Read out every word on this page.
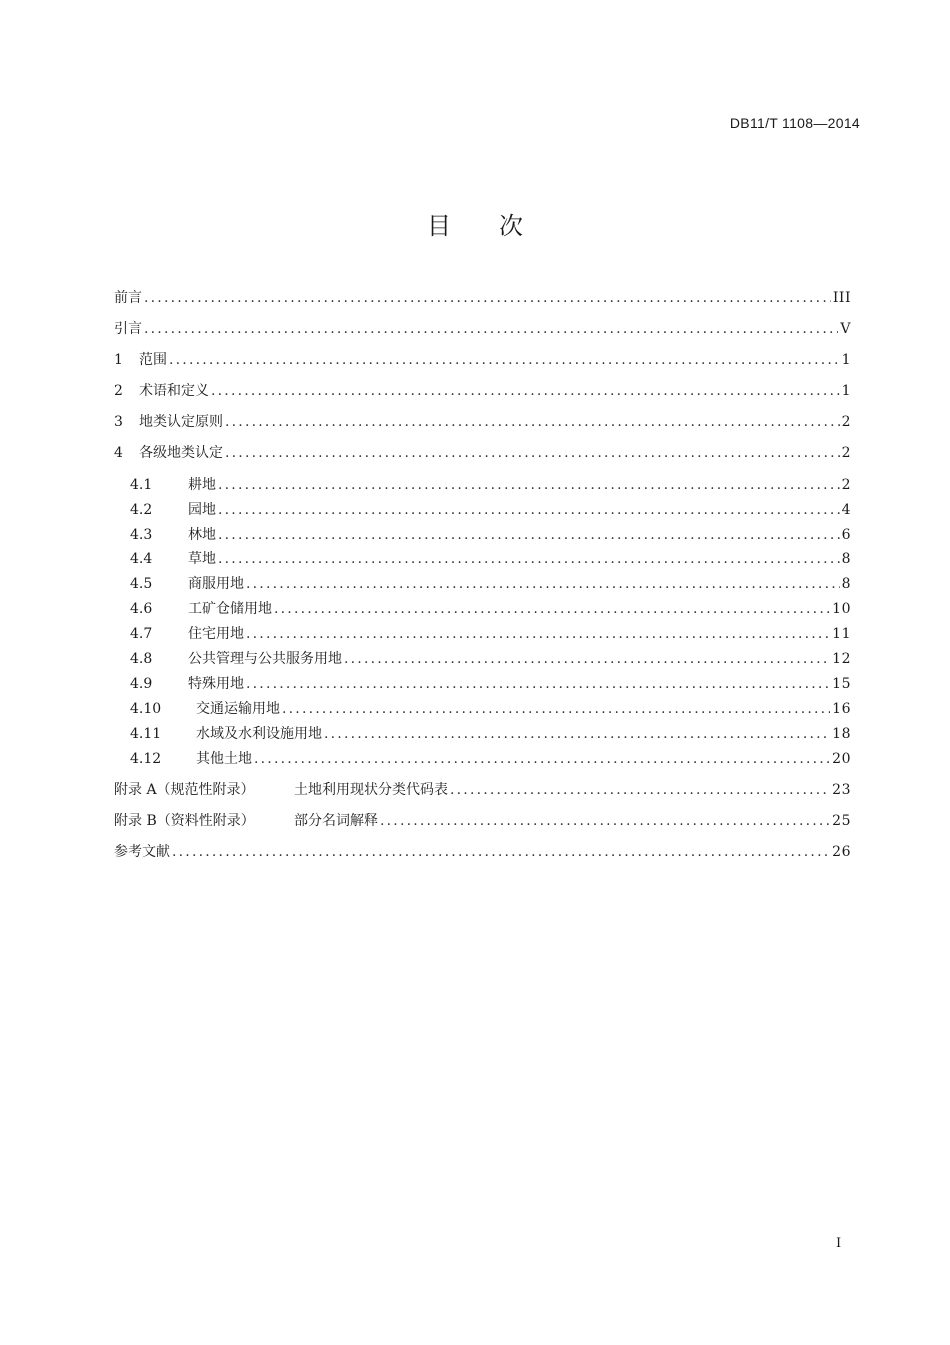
DB11/T 1108—2014
目 次
前言 .....	III
引言 .....	V
1	范围 .....	1
2	术语和定义 .....	1
3	地类认定原则 .....	2
4	各级地类认定 .....	2
4.1	耕地 .....	2
4.2	园地 .....	4
4.3	林地 .....	6
4.4	草地 .....	8
4.5	商服用地 .....	8
4.6	工矿仓储用地 .....	10
4.7	住宅用地 .....	11
4.8	公共管理与公共服务用地 .....	12
4.9	特殊用地 .....	15
4.10	交通运输用地 .....	16
4.11	水域及水利设施用地 .....	18
4.12	其他土地 .....	20
附录 A（规范性附录）	土地利用现状分类代码表 .....	23
附录 B（资料性附录）	部分名词解释 .....	25
参考文献 .....	26
I
